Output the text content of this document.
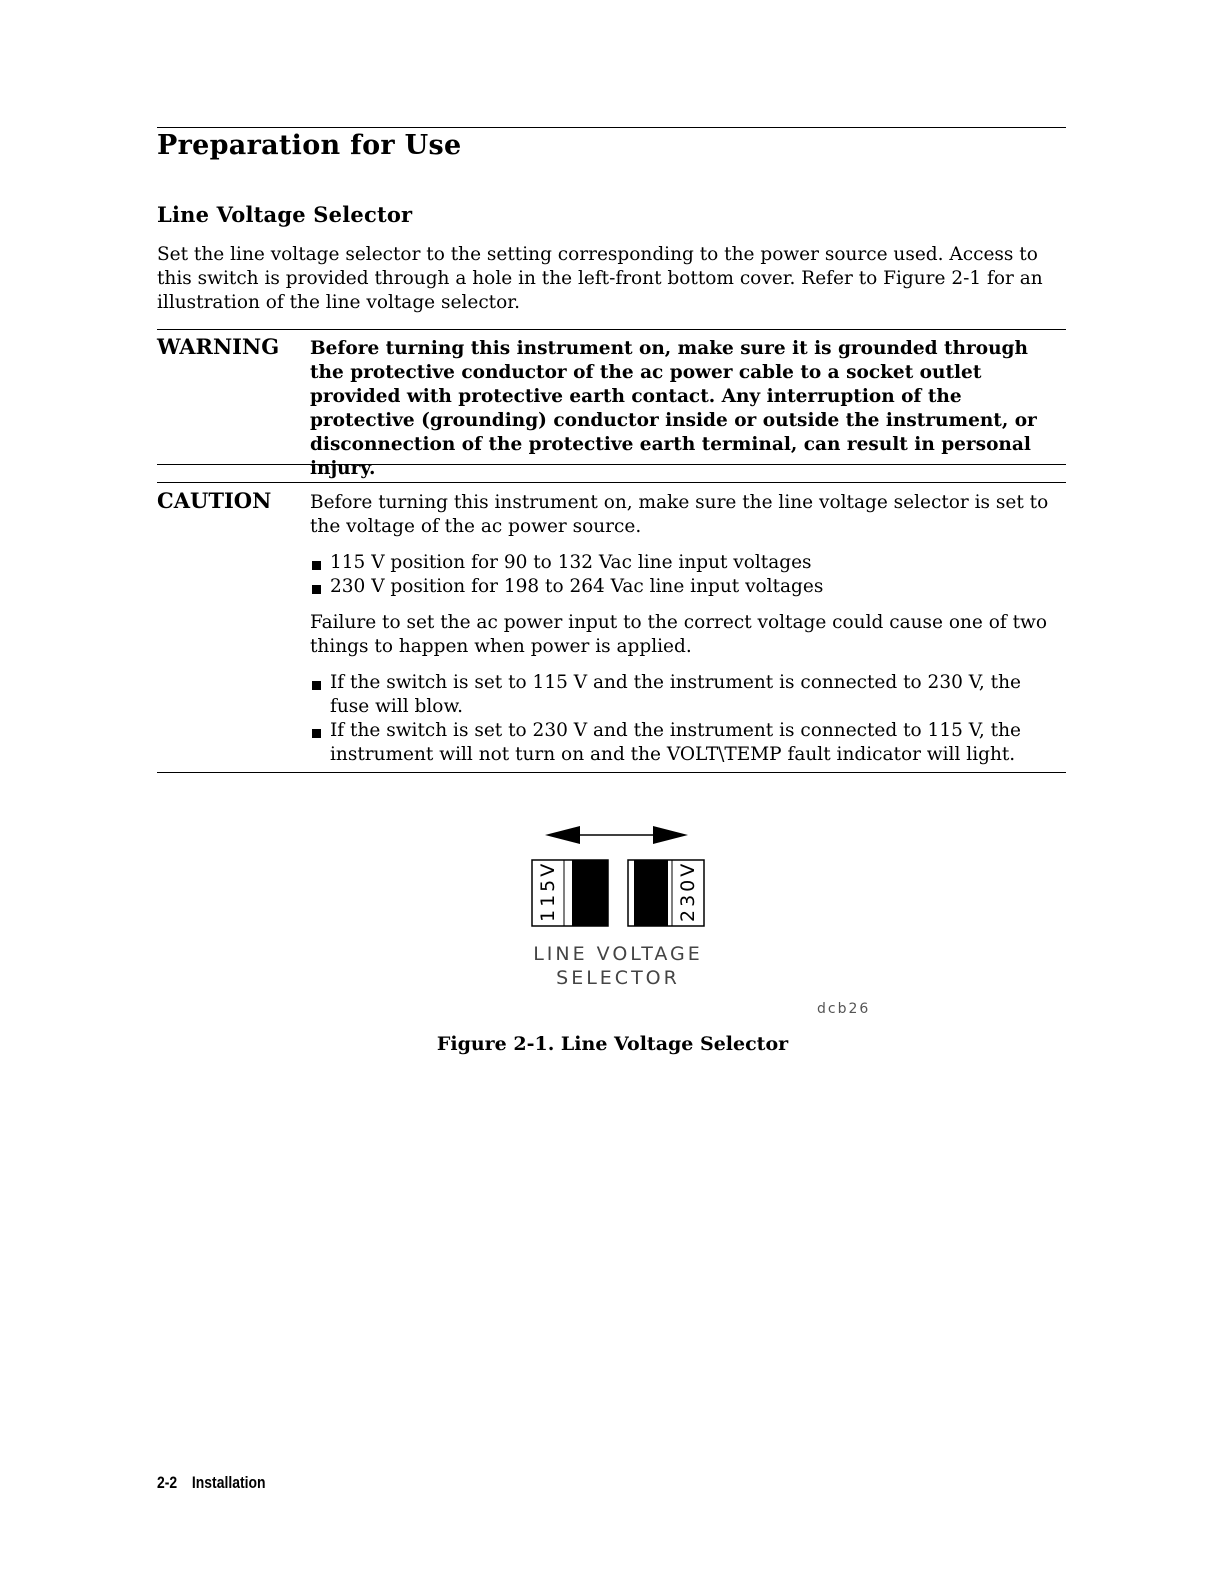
Preparation for Use
Line Voltage Selector
Set the line voltage selector to the setting corresponding to the power source used. Access to this switch is provided through a hole in the left-front bottom cover. Refer to Figure 2-1 for an illustration of the line voltage selector.
WARNING Before turning this instrument on, make sure it is grounded through the protective conductor of the ac power cable to a socket outlet provided with protective earth contact. Any interruption of the protective (grounding) conductor inside or outside the instrument, or disconnection of the protective earth terminal, can result in personal injury.
CAUTION Before turning this instrument on, make sure the line voltage selector is set to the voltage of the ac power source.

115 V position for 90 to 132 Vac line input voltages
230 V position for 198 to 264 Vac line input voltages

Failure to set the ac power input to the correct voltage could cause one of two things to happen when power is applied.

If the switch is set to 115 V and the instrument is connected to 230 V, the fuse will blow.
If the switch is set to 230 V and the instrument is connected to 115 V, the instrument will not turn on and the VOLT\TEMP fault indicator will light.
115V	230V
LINE VOLTAGE
SELECTOR
dcb26
Figure 2-1. Line Voltage Selector
2-2 Installation
